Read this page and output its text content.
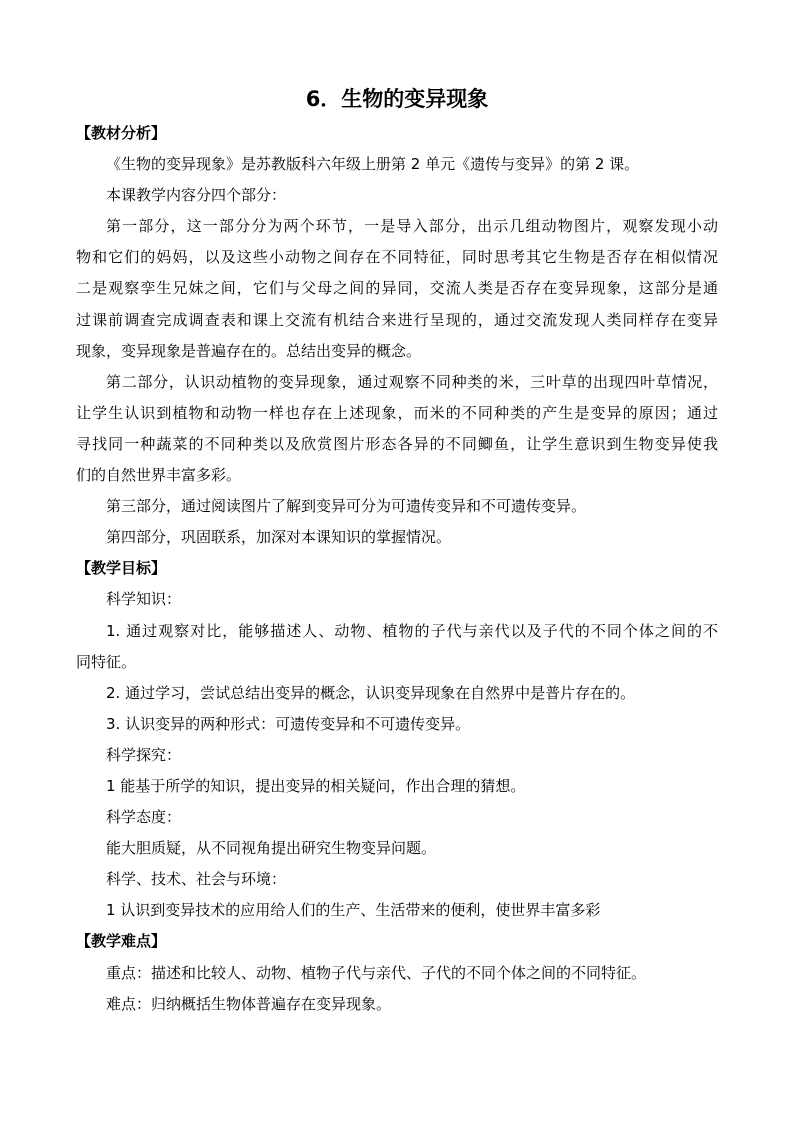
6．生物的变异现象

【教材分析】

《生物的变异现象》是苏教版科六年级上册第 2 单元《遗传与变异》的第 2 课。

本课教学内容分四个部分：

第一部分，这一部分分为两个环节，一是导入部分，出示几组动物图片，观察发现小动

物和它们的妈妈，以及这些小动物之间存在不同特征，同时思考其它生物是否存在相似情况

二是观察孪生兄妹之间，它们与父母之间的异同，交流人类是否存在变异现象，这部分是通

过课前调查完成调查表和课上交流有机结合来进行呈现的，通过交流发现人类同样存在变异

现象，变异现象是普遍存在的。总结出变异的概念。

第二部分，认识动植物的变异现象，通过观察不同种类的米，三叶草的出现四叶草情况，

让学生认识到植物和动物一样也存在上述现象，而米的不同种类的产生是变异的原因；通过

寻找同一种蔬菜的不同种类以及欣赏图片形态各异的不同鲫鱼，让学生意识到生物变异使我

们的自然世界丰富多彩。

第三部分，通过阅读图片了解到变异可分为可遗传变异和不可遗传变异。

第四部分，巩固联系，加深对本课知识的掌握情况。

【教学目标】

科学知识：

1. 通过观察对比，能够描述人、动物、植物的子代与亲代以及子代的不同个体之间的不

同特征。

2. 通过学习，尝试总结出变异的概念，认识变异现象在自然界中是普片存在的。

3. 认识变异的两种形式：可遗传变异和不可遗传变异。

科学探究：

1 能基于所学的知识，提出变异的相关疑问，作出合理的猜想。

科学态度：

能大胆质疑，从不同视角提出研究生物变异问题。

科学、技术、社会与环境：

1 认识到变异技术的应用给人们的生产、生活带来的便利，使世界丰富多彩

【教学难点】

重点：描述和比较人、动物、植物子代与亲代、子代的不同个体之间的不同特征。

难点：归纳概括生物体普遍存在变异现象。
